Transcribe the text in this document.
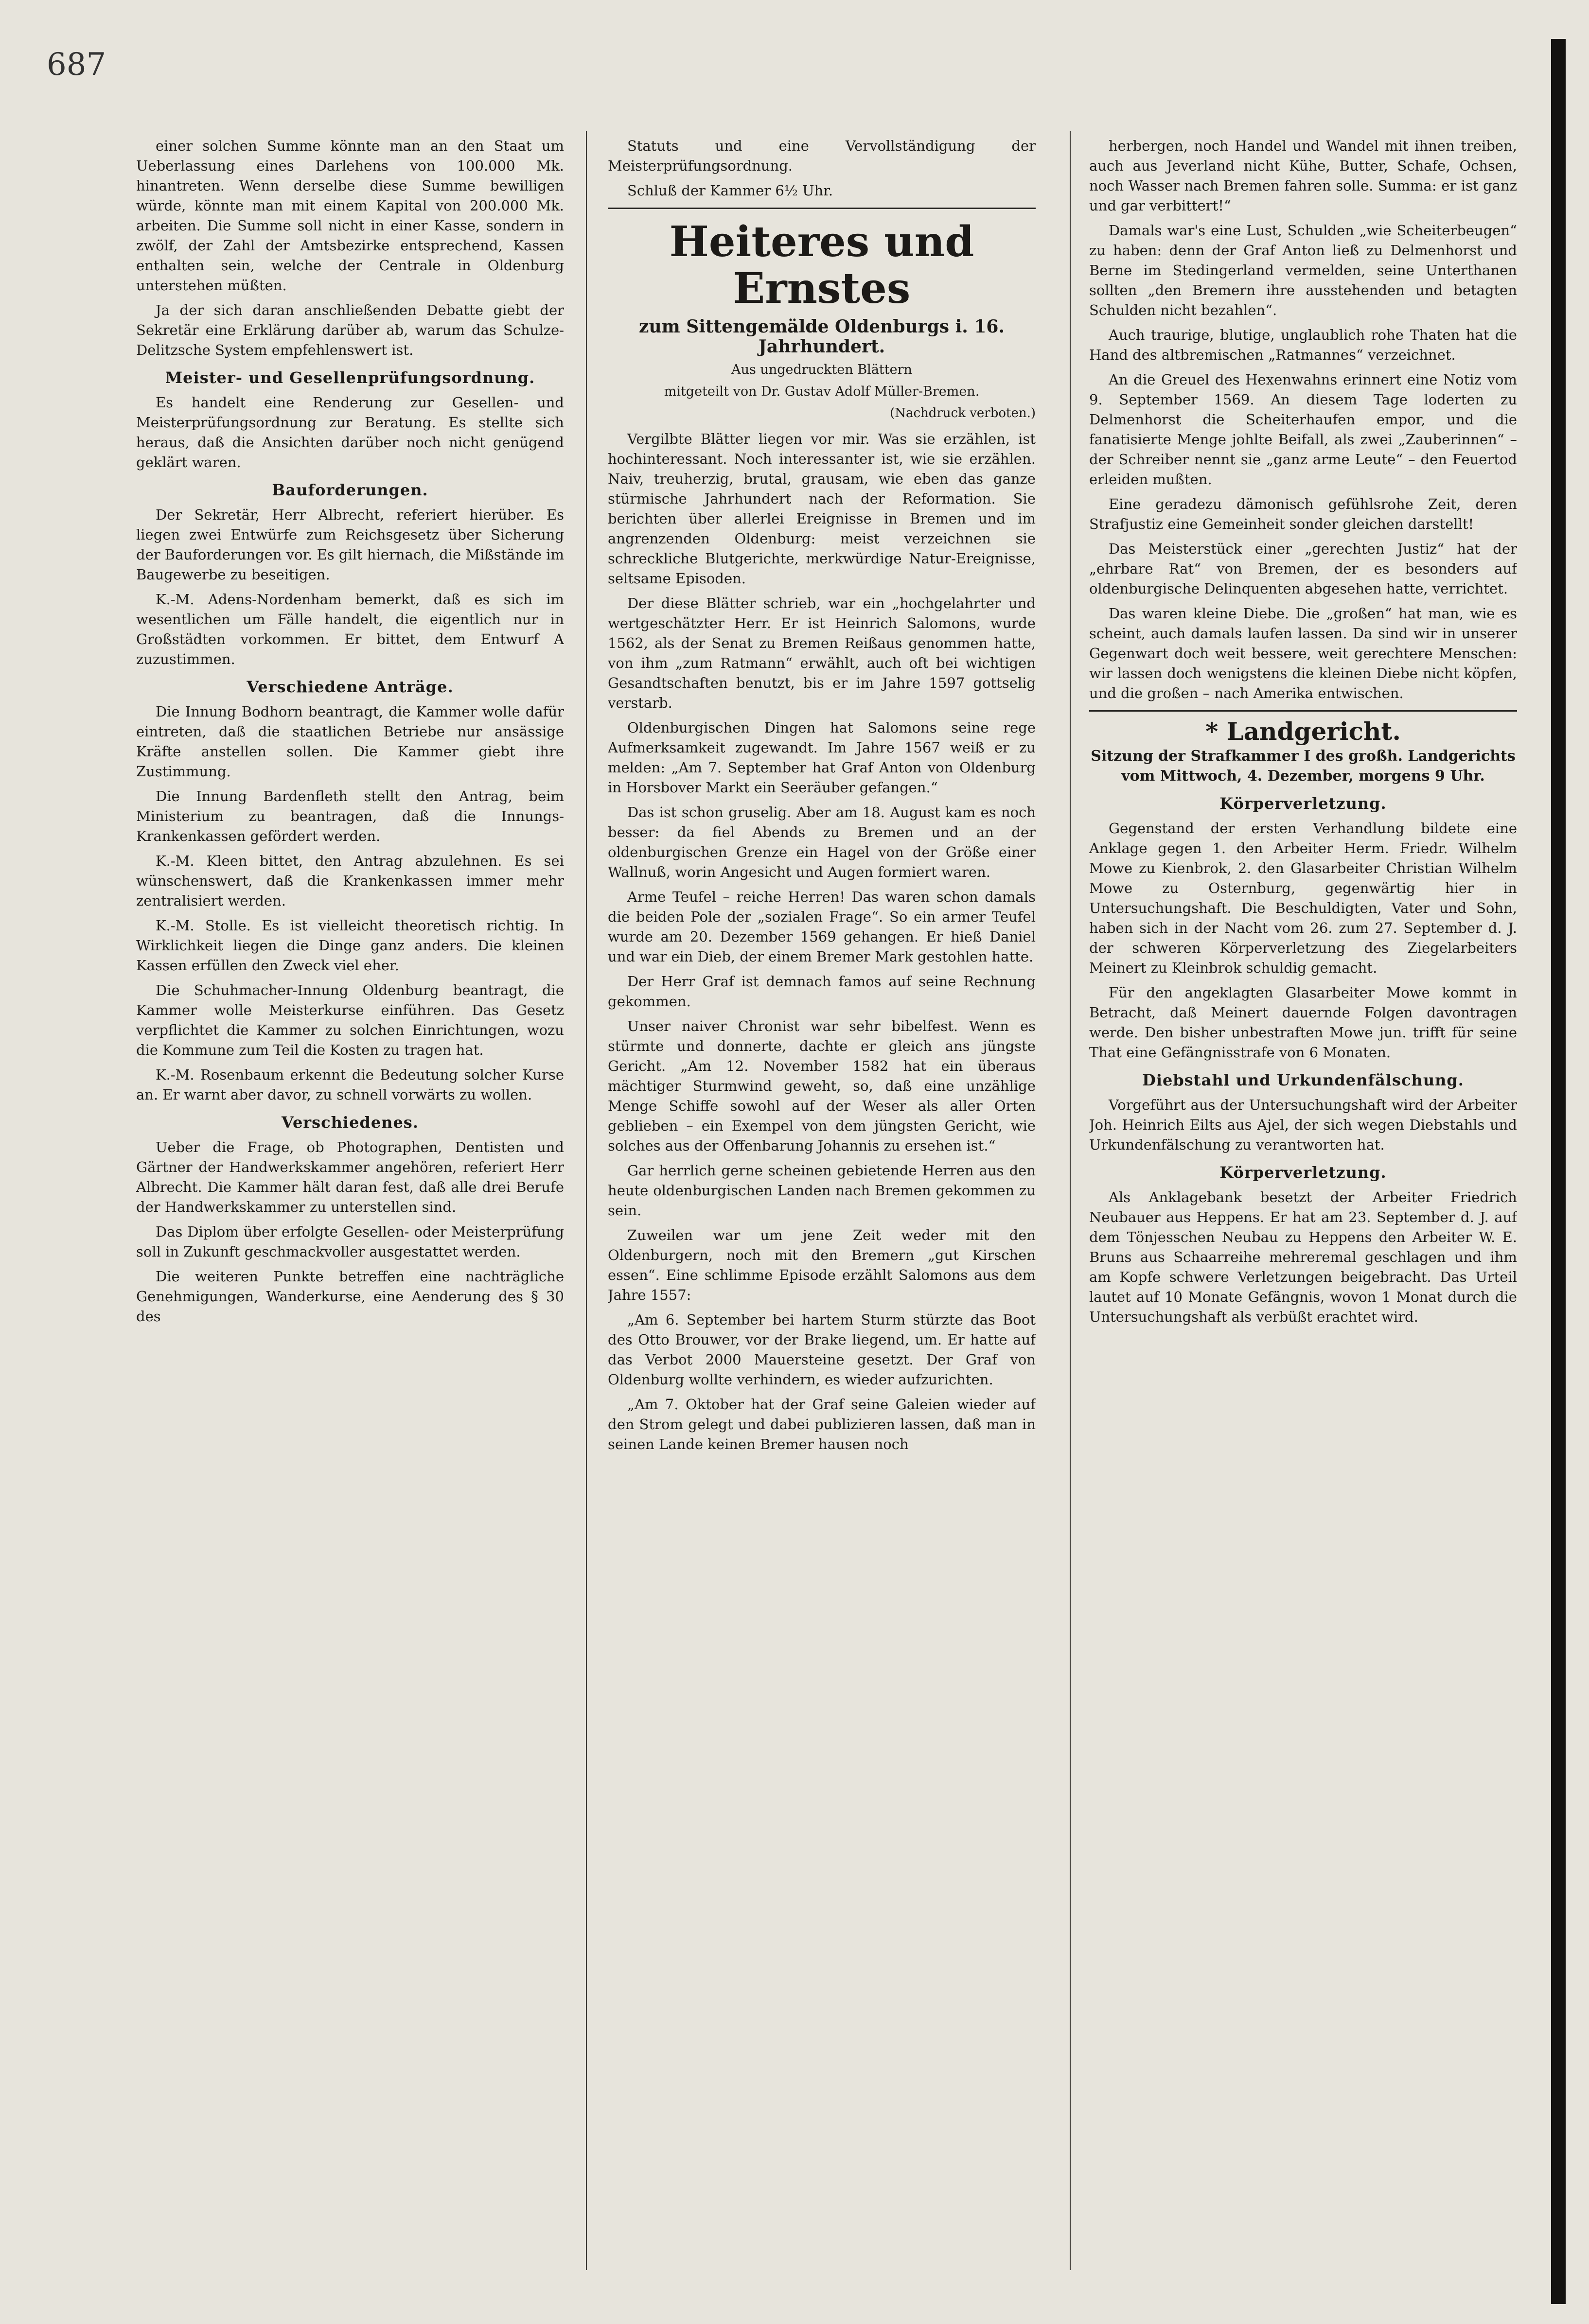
687

einer solchen Summe könnte man an den Staat um Ueberlassung eines Darlehens von 100.000 Mk. hinantreten. Wenn derselbe diese Summe bewilligen würde, könnte man mit einem Kapital von 200.000 Mk. arbeiten. Die Summe soll nicht in einer Kasse, sondern in zwölf, der Zahl der Amtsbezirke entsprechend, Kassen enthalten sein, welche der Centrale in Oldenburg unterstehen müßten.

Ja der sich daran anschließenden Debatte giebt der Sekretär eine Erklärung darüber ab, warum das Schulze-Delitzsche System empfehlenswert ist.

Meister- und Gesellenprüfungsordnung.

Es handelt eine Renderung zur Gesellen- und Meisterprüfungsordnung zur Beratung. Es stellte sich heraus, daß die Ansichten darüber noch nicht genügend geklärt waren.

Bauforderungen.

Der Sekretär, Herr Albrecht, referiert hierüber. Es liegen zwei Entwürfe zum Reichsgesetz über Sicherung der Bauforderungen vor. Es gilt hiernach, die Mißstände im Baugewerbe zu beseitigen.

K.-M. Adens-Nordenham bemerkt, daß es sich im wesentlichen um Fälle handelt, die eigentlich nur in Großstädten vorkommen. Er bittet, dem Entwurf A zuzustimmen.

Verschiedene Anträge.

Die Innung Bodhorn beantragt, die Kammer wolle dafür eintreten, daß die staatlichen Betriebe nur ansässige Kräfte anstellen sollen. Die Kammer giebt ihre Zustimmung.

Die Innung Bardenfleth stellt den Antrag, beim Ministerium zu beantragen, daß die Innungs-Krankenkassen gefördert werden.

K.-M. Kleen bittet, den Antrag abzulehnen. Es sei wünschenswert, daß die Krankenkassen immer mehr zentralisiert werden.

K.-M. Stolle. Es ist vielleicht theoretisch richtig. In Wirklichkeit liegen die Dinge ganz anders. Die kleinen Kassen erfüllen den Zweck viel eher.

Die Schuhmacher-Innung Oldenburg beantragt, die Kammer wolle Meisterkurse einführen. Das Gesetz verpflichtet die Kammer zu solchen Einrichtungen, wozu die Kommune zum Teil die Kosten zu tragen hat.

K.-M. Rosenbaum erkennt die Bedeutung solcher Kurse an. Er warnt aber davor, zu schnell vorwärts zu wollen.

Verschiedenes.

Ueber die Frage, ob Photographen, Dentisten und Gärtner der Handwerkskammer angehören, referiert Herr Albrecht. Die Kammer hält daran fest, daß alle drei Berufe der Handwerkskammer zu unterstellen sind.

Das Diplom über erfolgte Gesellen- oder Meisterprüfung soll in Zukunft geschmackvoller ausgestattet werden.

Die weiteren Punkte betreffen eine nachträgliche Genehmigungen, Wanderkurse, eine Aenderung des § 30 des

Statuts und eine Vervollständigung der Meisterprüfungsordnung.

Schluß der Kammer 6½ Uhr.

Heiteres und Ernstes
zum Sittengemälde Oldenburgs i. 16. Jahrhundert.
Aus ungedruckten Blättern
mitgeteilt von Dr. Gustav Adolf Müller-Bremen.
(Nachdruck verboten.)

Vergilbte Blätter liegen vor mir. Was sie erzählen, ist hochinteressant. Noch interessanter ist, wie sie erzählen. Naiv, treuherzig, brutal, grausam, wie eben das ganze stürmische Jahrhundert nach der Reformation. Sie berichten über allerlei Ereignisse in Bremen und im angrenzenden Oldenburg: meist verzeichnen sie schreckliche Blutgerichte, merkwürdige Natur-Ereignisse, seltsame Episoden.

Der diese Blätter schrieb, war ein „hochgelahrter und wertgeschätzter Herr. Er ist Heinrich Salomons, wurde 1562, als der Senat zu Bremen Reißaus genommen hatte, von ihm „zum Ratmann“ erwählt, auch oft bei wichtigen Gesandtschaften benutzt, bis er im Jahre 1597 gottselig verstarb.

Oldenburgischen Dingen hat Salomons seine rege Aufmerksamkeit zugewandt. Im Jahre 1567 weiß er zu melden: „Am 7. September hat Graf Anton von Oldenburg in Horsbover Markt ein Seeräuber gefangen.“

Das ist schon gruselig. Aber am 18. August kam es noch besser: da fiel Abends zu Bremen und an der oldenburgischen Grenze ein Hagel von der Größe einer Wallnuß, worin Angesicht und Augen formiert waren.

Arme Teufel – reiche Herren! Das waren schon damals die beiden Pole der „sozialen Frage“. So ein armer Teufel wurde am 20. Dezember 1569 gehangen. Er hieß Daniel und war ein Dieb, der einem Bremer Mark gestohlen hatte.

Der Herr Graf ist demnach famos auf seine Rechnung gekommen.

Unser naiver Chronist war sehr bibelfest. Wenn es stürmte und donnerte, dachte er gleich ans jüngste Gericht. „Am 12. November 1582 hat ein überaus mächtiger Sturmwind geweht, so, daß eine unzählige Menge Schiffe sowohl auf der Weser als aller Orten geblieben – ein Exempel von dem jüngsten Gericht, wie solches aus der Offenbarung Johannis zu ersehen ist.“

Gar herrlich gerne scheinen gebietende Herren aus den heute oldenburgischen Landen nach Bremen gekommen zu sein.

Zuweilen war um jene Zeit weder mit den Oldenburgern, noch mit den Bremern „gut Kirschen essen“. Eine schlimme Episode erzählt Salomons aus dem Jahre 1557:

„Am 6. September bei hartem Sturm stürzte das Boot des Otto Brouwer, vor der Brake liegend, um. Er hatte auf das Verbot 2000 Mauersteine gesetzt. Der Graf von Oldenburg wollte verhindern, es wieder aufzurichten.

„Am 7. Oktober hat der Graf seine Galeien wieder auf den Strom gelegt und dabei publizieren lassen, daß man in seinen Lande keinen Bremer hausen noch

herbergen, noch Handel und Wandel mit ihnen treiben, auch aus Jeverland nicht Kühe, Butter, Schafe, Ochsen, noch Wasser nach Bremen fahren solle. Summa: er ist ganz und gar verbittert!“

Damals war's eine Lust, Schulden „wie Scheiterbeugen“ zu haben: denn der Graf Anton ließ zu Delmenhorst und Berne im Stedingerland vermelden, seine Unterthanen sollten „den Bremern ihre ausstehenden und betagten Schulden nicht bezahlen“.

Auch traurige, blutige, unglaublich rohe Thaten hat die Hand des altbremischen „Ratmannes“ verzeichnet.

An die Greuel des Hexenwahns erinnert eine Notiz vom 9. September 1569. An diesem Tage loderten zu Delmenhorst die Scheiterhaufen empor, und die fanatisierte Menge johlte Beifall, als zwei „Zauberinnen“ – der Schreiber nennt sie „ganz arme Leute“ – den Feuertod erleiden mußten.

Eine geradezu dämonisch gefühlsrohe Zeit, deren Strafjustiz eine Gemeinheit sonder gleichen darstellt!

Das Meisterstück einer „gerechten Justiz“ hat der „ehrbare Rat“ von Bremen, der es besonders auf oldenburgische Delinquenten abgesehen hatte, verrichtet.

Das waren kleine Diebe. Die „großen“ hat man, wie es scheint, auch damals laufen lassen. Da sind wir in unserer Gegenwart doch weit bessere, weit gerechtere Menschen: wir lassen doch wenigstens die kleinen Diebe nicht köpfen, und die großen – nach Amerika entwischen.

* Landgericht.
Sitzung der Strafkammer I des großh. Landgerichts vom Mittwoch, 4. Dezember, morgens 9 Uhr.
Körperverletzung.

Gegenstand der ersten Verhandlung bildete eine Anklage gegen 1. den Arbeiter Herm. Friedr. Wilhelm Mowe zu Kienbrok, 2. den Glasarbeiter Christian Wilhelm Mowe zu Osternburg, gegenwärtig hier in Untersuchungshaft. Die Beschuldigten, Vater und Sohn, haben sich in der Nacht vom 26. zum 27. September d. J. der schweren Körperverletzung des Ziegelarbeiters Meinert zu Kleinbrok schuldig gemacht.

Für den angeklagten Glasarbeiter Mowe kommt in Betracht, daß Meinert dauernde Folgen davontragen werde. Den bisher unbestraften Mowe jun. trifft für seine That eine Gefängnisstrafe von 6 Monaten.

Diebstahl und Urkundenfälschung.

Vorgeführt aus der Untersuchungshaft wird der Arbeiter Joh. Heinrich Eilts aus Ajel, der sich wegen Diebstahls und Urkundenfälschung zu verantworten hat.

Körperverletzung.

Als Anklagebank besetzt der Arbeiter Friedrich Neubauer aus Heppens. Er hat am 23. September d. J. auf dem Tönjesschen Neubau zu Heppens den Arbeiter W. E. Bruns aus Schaarreihe mehreremal geschlagen und ihm am Kopfe schwere Verletzungen beigebracht. Das Urteil lautet auf 10 Monate Gefängnis, wovon 1 Monat durch die Untersuchungshaft als verbüßt erachtet wird.
